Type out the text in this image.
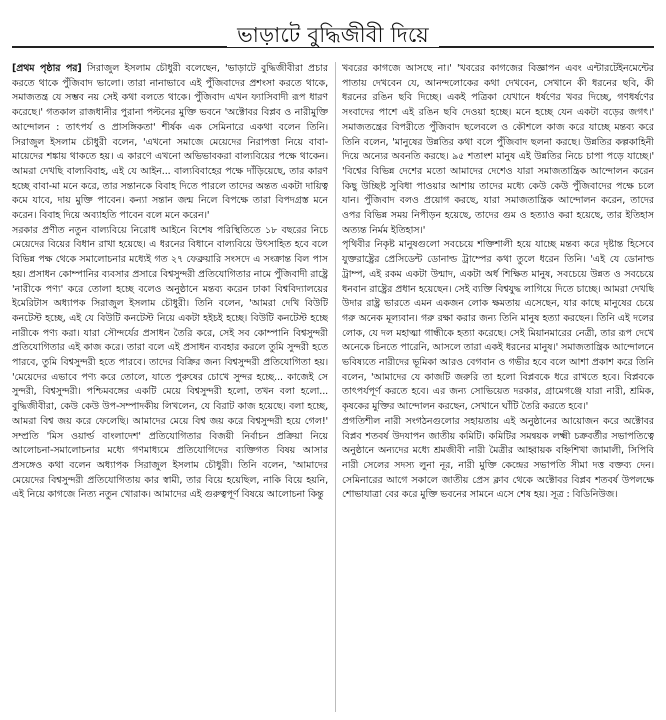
ভাড়াটে বুদ্ধিজীবী দিয়ে

[প্রথম পৃষ্ঠার পর] সিরাজুল ইসলাম চৌধুরী বলেছেন, 'ভাড়াটে বুদ্ধিজীবীরা প্রচার করতে থাকে পুঁজিবাদ ভালো। তারা নানাভাবে এই পুঁজিবাদের প্রশংসা করতে থাকে, সমাজতন্ত্র যে সম্ভব নয় সেই কথা বলতে থাকে। পুঁজিবাদ এখন ফ্যাসিবাদী রূপ ধারণ করেছে।' গতকাল রাজধানীর পুরানা পল্টনের মুক্তি ভবনে 'অক্টোবর বিপ্লব ও নারীমুক্তি আন্দোলন : তাৎপর্য ও প্রাসঙ্গিকতা' শীর্ষক এক সেমিনারে একথা বলেন তিনি। সিরাজুল ইসলাম চৌধুরী বলেন, 'এখনো সমাজে মেয়েদের নিরাপত্তা নিয়ে বাবা-মায়েদের শঙ্কায় থাকতে হয়। এ কারণে এখনো অভিভাবকরা বাল্যবিয়ের পক্ষে থাকেন। আমরা দেখছি বাল্যবিবাহ, এই যে আইন... বাল্যবিবাহের পক্ষে দাঁড়িয়েছে, তার কারণ হচ্ছে বাবা-মা মনে করে, তার সন্তানকে বিবাহ দিতে পারলে তাদের অন্তত একটা দায়িত্ব কমে যাবে, দায় মুক্তি পাবেন। কন্যা সন্তান জন্ম নিলে বিপক্ষে তারা বিপদগ্রস্ত মনে করেন। বিবাহ দিয়ে অব্যাহতি পাবেন বলে মনে করেন।'

সরকার প্রণীত নতুন বাল্যবিয়ে নিরোধ আইনে বিশেষ পরিস্থিতিতে ১৮ বছরের নিচে মেয়েদের বিয়ের বিধান রাখা হয়েছে। এ ধরনের বিধানে বাল্যবিয়ে উৎসাহিত হবে বলে বিভিন্ন পক্ষ থেকে সমালোচনার মধ্যেই গত ২৭ ফেব্রুয়ারি সংসদে এ সংক্রান্ত বিল পাস হয়। প্রসাধন কোম্পানির ব্যবসার প্রসারে বিশ্বসুন্দরী প্রতিযোগিতার নামে পুঁজিবাদী রাষ্ট্রে 'নারীকে পণ্য' করে তোলা হচ্ছে বলেও অনুষ্ঠানে মন্তব্য করেন ঢাকা বিশ্ববিদ্যালয়ের ইমেরিটাস অধ্যাপক সিরাজুল ইসলাম চৌধুরী। তিনি বলেন, 'আমরা দেখি বিউটি কনটেস্ট হচ্ছে, এই যে বিউটি কনটেস্ট নিয়ে একটা হইচই হচ্ছে। বিউটি কনটেস্ট হচ্ছে নারীকে পণ্য করা। যারা সৌন্দর্যের প্রসাধন তৈরি করে, সেই সব কোম্পানি বিশ্বসুন্দরী প্রতিযোগিতার এই কাজ করে। তারা বলে এই প্রসাধন ব্যবহার করলে তুমি সুন্দরী হতে পারবে, তুমি বিশ্বসুন্দরী হতে পারবে। তাদের বিক্রির জন্য বিশ্বসুন্দরী প্রতিযোগিতা হয়। 'মেয়েদের এভাবে পণ্য করে তোলে, যাতে পুরুষের চোখে সুন্দর হচ্ছে... কাজেই সে সুন্দরী, বিশ্বসুন্দরী। পশ্চিমবঙ্গের একটি মেয়ে বিশ্বসুন্দরী হলো, তখন বলা হলো... বুদ্ধিজীবীরা, কেউ কেউ উপ-সম্পাদকীয় লিখলেন, যে বিরাট কাজ হয়েছে। বলা হচ্ছে, আমরা বিশ্ব জয় করে ফেলেছি। আমাদের মেয়ে বিশ্ব জয় করে বিশ্বসুন্দরী হয়ে গেল!' সম্প্রতি 'মিস ওয়ার্ল্ড বাংলাদেশ' প্রতিযোগিতার বিজয়ী নির্বাচন প্রক্রিয়া নিয়ে আলোচনা-সমালোচনার মধ্যে গণমাধ্যমে প্রতিযোগিদের ব্যক্তিগত বিষয় আসার প্রসঙ্গেও কথা বলেন অধ্যাপক সিরাজুল ইসলাম চৌধুরী। তিনি বলেন, 'আমাদের মেয়েদের বিশ্বসুন্দরী প্রতিযোগিতায় কার স্বামী, তার বিয়ে হয়েছিল, নাকি বিয়ে হয়নি, এই নিয়ে কাগজে নিত্য নতুন খোরাক। আমাদের এই গুরুত্বপূর্ণ বিষয়ে আলোচনা কিন্তু

খবরের কাগজে আসছে না।' 'খবরের কাগজের বিজ্ঞাপন এবং এন্টারটেইনমেন্টের পাতায় দেখবেন যে, আনন্দলোকের কথা দেখবেন, সেখানে কী ধরনের ছবি, কী ধরনের রঙিন ছবি দিচ্ছে। একই পত্রিকা যেখানে ধর্ষণের খবর দিচ্ছে, গণধর্ষণের সংবাদের পাশে এই রঙিন ছবি দেওয়া হচ্ছে। মনে হচ্ছে যেন একটা বড়ের জগৎ।' সমাজতন্ত্রের বিপরীতে পুঁজিবাদ ছলেবলে ও কৌশলে কাজ করে যাচ্ছে মন্তব্য করে তিনি বলেন, 'মানুষের উন্নতির কথা বলে পুঁজিবাদ ছলনা করছে। উন্নতির কল্পকাহিনী দিয়ে অন্যের অবনতি করছে। ৯৫ শতাংশ মানুষ এই উন্নতির নিচে চাপা পড়ে যাচ্ছে।' 'বিশ্বের বিভিন্ন দেশের মতো আমাদের দেশেও যারা সমাজতান্ত্রিক আন্দোলন করেন কিছু উচ্ছিষ্ট সুবিধা পাওয়ার আশায় তাদের মধ্যে কেউ কেউ পুঁজিবাদের পক্ষে চলে যান। পুঁজিবাদ বলও প্রয়োগ করছে, যারা সমাজতান্ত্রিক আন্দোলন করেন, তাদের ওপর বিভিন্ন সময় নিপীড়ন হয়েছে, তাদের গুম ও হত্যাও করা হয়েছে, তার ইতিহাস অত্যন্ত নির্মম ইতিহাস।'

পৃথিবীর নিকৃষ্ট মানুষগুলো সবচেয়ে শক্তিশালী হয়ে যাচ্ছে মন্তব্য করে দৃষ্টান্ত হিসেবে যুক্তরাষ্ট্রের প্রেসিডেন্ট ডোনাল্ড ট্রাম্পের কথা তুলে ধরেন তিনি। 'এই যে ডোনাল্ড ট্রাম্প, এই রকম একটা উন্মাদ, একটা অর্ধ শিক্ষিত মানুষ, সবচেয়ে উন্নত ও সবচেয়ে ধনবান রাষ্ট্রের প্রধান হয়েছেন। সেই ব্যক্তি বিশ্বযুদ্ধ লাগিয়ে দিতে চাচ্ছে। আমরা দেখছি উদার রাষ্ট্র ভারতে এমন একজন লোক ক্ষমতায় এসেছেন, যার কাছে মানুষের চেয়ে গরু অনেক মূল্যবান। গরু রক্ষা করার জন্য তিনি মানুষ হত্যা করছেন। তিনি এই দলের লোক, যে দল মহাত্মা গান্ধীকে হত্যা করেছে। সেই মিয়ানমারের নেত্রী, তার রূপ দেখে অনেকে চিনতে পারেনি, আসলে তারা একই ধরনের মানুষ।' সমাজতান্ত্রিক আন্দোলনে ভবিষ্যতে নারীদের ভূমিকা আরও বেগবান ও গভীর হবে বলে আশা প্রকাশ করে তিনি বলেন, 'আমাদের যে কাজটি জরুরি তা হলো বিপ্লবকে ধরে রাখতে হবে। বিপ্লবকে তাৎপর্যপূর্ণ করতে হবে। এর জন্য সোভিয়েত দরকার, গ্রামেগঞ্জে যারা নারী, শ্রমিক, কৃষকের মুক্তির আন্দোলন করছেন, সেখানে ঘাঁটি তৈরি করতে হবে।'

প্রগতিশীল নারী সংগঠনগুলোর সহায়তায় এই অনুষ্ঠানের আয়োজন করে অক্টোবর বিপ্লব শতবর্ষ উদযাপন জাতীয় কমিটি। কমিটির সমন্বয়ক লক্ষ্মী চক্রবর্তীর সভাপতিত্বে অনুষ্ঠানে অন্যদের মধ্যে শ্রমজীবী নারী মৈত্রীর আহ্বায়ক বহ্নিশিখা জামালী, সিপিবি নারী সেলের সদস্য লুনা নূর, নারী মুক্তি কেন্দ্রের সভাপতি সীমা দত্ত বক্তব্য দেন। সেমিনারের আগে সকালে জাতীয় প্রেস ক্লাব থেকে অক্টোবর বিপ্লব শতবর্ষ উপলক্ষে শোভাযাত্রা বের করে মুক্তি ভবনের সামনে এসে শেষ হয়। সূত্র : বিডিনিউজ।
